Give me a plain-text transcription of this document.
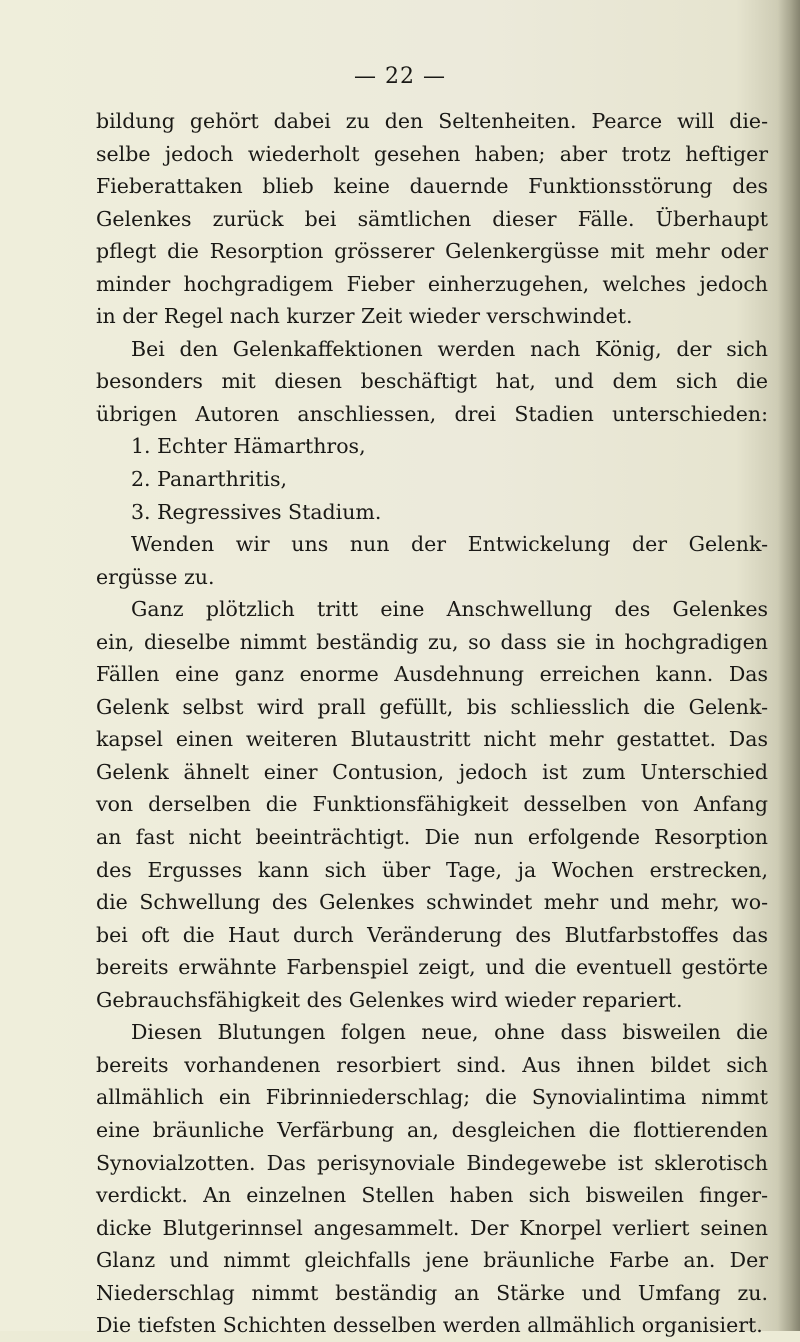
— 22 —
bildung gehört dabei zu den Seltenheiten. Pearce will die-
selbe jedoch wiederholt gesehen haben; aber trotz heftiger
Fieberattaken blieb keine dauernde Funktionsstörung des
Gelenkes zurück bei sämtlichen dieser Fälle. Überhaupt
pflegt die Resorption grösserer Gelenkergüsse mit mehr oder
minder hochgradigem Fieber einherzugehen, welches jedoch
in der Regel nach kurzer Zeit wieder verschwindet.
Bei den Gelenkaffektionen werden nach König, der sich
besonders mit diesen beschäftigt hat, und dem sich die
übrigen Autoren anschliessen, drei Stadien unterschieden:
1. Echter Hämarthros,
2. Panarthritis,
3. Regressives Stadium.
Wenden wir uns nun der Entwickelung der Gelenk-
ergüsse zu.
Ganz plötzlich tritt eine Anschwellung des Gelenkes
ein, dieselbe nimmt beständig zu, so dass sie in hochgradigen
Fällen eine ganz enorme Ausdehnung erreichen kann. Das
Gelenk selbst wird prall gefüllt, bis schliesslich die Gelenk-
kapsel einen weiteren Blutaustritt nicht mehr gestattet. Das
Gelenk ähnelt einer Contusion, jedoch ist zum Unterschied
von derselben die Funktionsfähigkeit desselben von Anfang
an fast nicht beeinträchtigt. Die nun erfolgende Resorption
des Ergusses kann sich über Tage, ja Wochen erstrecken,
die Schwellung des Gelenkes schwindet mehr und mehr, wo-
bei oft die Haut durch Veränderung des Blutfarbstoffes das
bereits erwähnte Farbenspiel zeigt, und die eventuell gestörte
Gebrauchsfähigkeit des Gelenkes wird wieder repariert.
Diesen Blutungen folgen neue, ohne dass bisweilen die
bereits vorhandenen resorbiert sind. Aus ihnen bildet sich
allmählich ein Fibrinniederschlag; die Synovialintima nimmt
eine bräunliche Verfärbung an, desgleichen die flottierenden
Synovialzotten. Das perisynoviale Bindegewebe ist sklerotisch
verdickt. An einzelnen Stellen haben sich bisweilen finger-
dicke Blutgerinnsel angesammelt. Der Knorpel verliert seinen
Glanz und nimmt gleichfalls jene bräunliche Farbe an. Der
Niederschlag nimmt beständig an Stärke und Umfang zu.
Die tiefsten Schichten desselben werden allmählich organisiert.
